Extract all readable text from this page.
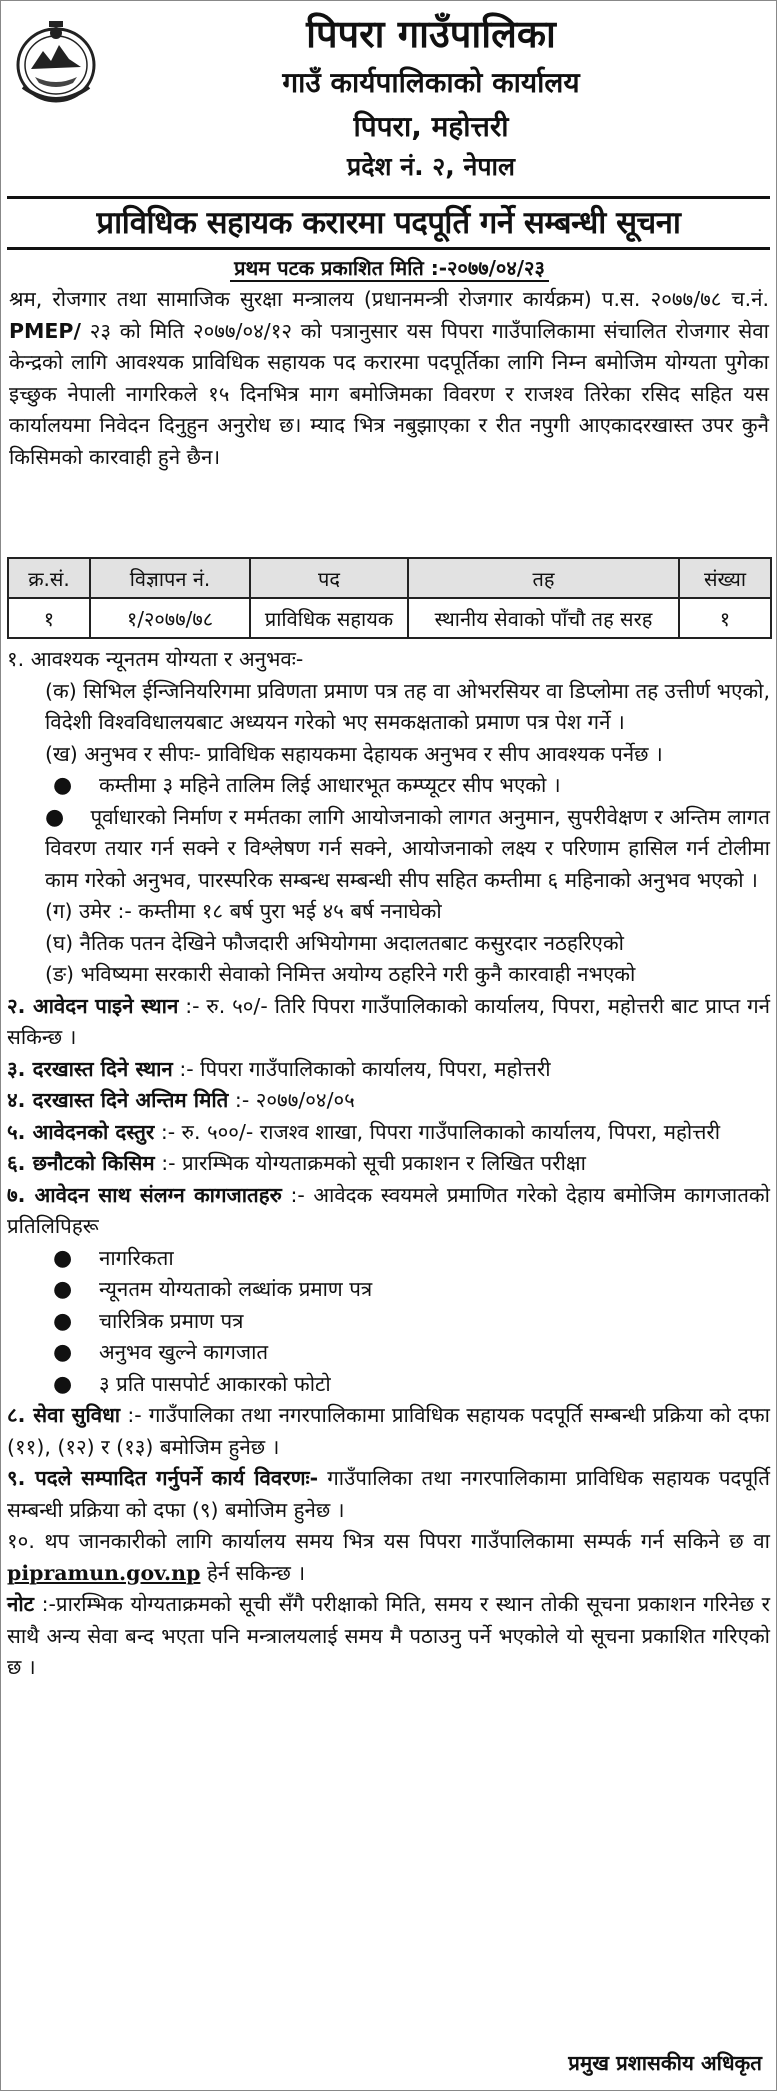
पिपरा गाउँपालिका
गाउँ कार्यपालिकाको कार्यालय
पिपरा, महोत्तरी
प्रदेश नं. २, नेपाल
प्राविधिक सहायक करारमा पदपूर्ति गर्ने सम्बन्धी सूचना
प्रथम पटक प्रकाशित मिति :-२०७७/०४/२३
श्रम, रोजगार तथा सामाजिक सुरक्षा मन्त्रालय (प्रधानमन्त्री रोजगार कार्यक्रम) प.स. २०७७/७८ च.नं. PMEP/ २३ को मिति २०७७/०४/१२ को पत्रानुसार यस पिपरा गाउँपालिकामा संचालित रोजगार सेवा केन्द्रको लागि आवश्यक प्राविधिक सहायक पद करारमा पदपूर्तिका लागि निम्न बमोजिम योग्यता पुगेका इच्छुक नेपाली नागरिकले १५ दिनभित्र माग बमोजिमका विवरण र राजश्व तिरेका रसिद सहित यस कार्यालयमा निवेदन दिनुहुन अनुरोध छ। म्याद भित्र नबुझाएका र रीत नपुगी आएकादरखास्त उपर कुनै किसिमको कारवाही हुने छैन।
क्र.सं.	विज्ञापन नं.	पद	तह	संख्या
१	१/२०७७/७८	प्राविधिक सहायक	स्थानीय सेवाको पाँचौ तह सरह	१

१. आवश्यक न्यूनतम योग्यता र अनुभवः-

(क) सिभिल ईन्जिनियरिगमा प्रविणता प्रमाण पत्र तह वा ओभरसियर वा डिप्लोमा तह उत्तीर्ण भएको, विदेशी विश्वविधालयबाट अध्ययन गरेको भए समकक्षताको प्रमाण पत्र पेश गर्ने ।

(ख) अनुभव र सीपः- प्राविधिक सहायकमा देहायक अनुभव र सीप आवश्यक पर्नेछ ।

● कम्तीमा ३ महिने तालिम लिई आधारभूत कम्प्यूटर सीप भएको ।

● पूर्वाधारको निर्माण र मर्मतका लागि आयोजनाको लागत अनुमान, सुपरीवेक्षण र अन्तिम लागत विवरण तयार गर्न सक्ने र विश्लेषण गर्न सक्ने, आयोजनाको लक्ष्य र परिणाम हासिल गर्न टोलीमा काम गरेको अनुभव, पारस्परिक सम्बन्ध सम्बन्धी सीप सहित कम्तीमा ६ महिनाको अनुभव भएको ।

(ग) उमेर :- कम्तीमा १८ बर्ष पुरा भई ४५ बर्ष ननाघेको

(घ) नैतिक पतन देखिने फौजदारी अभियोगमा अदालतबाट कसुरदार नठहरिएको

(ङ) भविष्यमा सरकारी सेवाको निमित्त अयोग्य ठहरिने गरी कुनै कारवाही नभएको

२. आवेदन पाइने स्थान :- रु. ५०/- तिरि पिपरा गाउँपालिकाको कार्यालय, पिपरा, महोत्तरी बाट प्राप्त गर्न सकिन्छ ।

३. दरखास्त दिने स्थान :- पिपरा गाउँपालिकाको कार्यालय, पिपरा, महोत्तरी

४. दरखास्त दिने अन्तिम मिति :- २०७७/०४/०५

५. आवेदनको दस्तुर :- रु. ५००/- राजश्व शाखा, पिपरा गाउँपालिकाको कार्यालय, पिपरा, महोत्तरी

६. छनौटको किसिम :- प्रारम्भिक योग्यताक्रमको सूची प्रकाशन र लिखित परीक्षा

७. आवेदन साथ संलग्न कागजातहरु :- आवेदक स्वयमले प्रमाणित गरेको देहाय बमोजिम कागजातको प्रतिलिपिहरू

● नागरिकता

● न्यूनतम योग्यताको लब्धांक प्रमाण पत्र

● चारित्रिक प्रमाण पत्र

● अनुभव खुल्ने कागजात

● ३ प्रति पासपोर्ट आकारको फोटो

८. सेवा सुविधा :- गाउँपालिका तथा नगरपालिकामा प्राविधिक सहायक पदपूर्ति सम्बन्धी प्रक्रिया को दफा (११), (१२) र (१३) बमोजिम हुनेछ ।

९. पदले सम्पादित गर्नुपर्ने कार्य विवरणः- गाउँपालिका तथा नगरपालिकामा प्राविधिक सहायक पदपूर्ति सम्बन्धी प्रक्रिया को दफा (९) बमोजिम हुनेछ ।

१०. थप जानकारीको लागि कार्यालय समय भित्र यस पिपरा गाउँपालिकामा सम्पर्क गर्न सकिने छ वा pipramun.gov.np हेर्न सकिन्छ ।

नोट :-प्रारम्भिक योग्यताक्रमको सूची सँगै परीक्षाको मिति, समय र स्थान तोकी सूचना प्रकाशन गरिनेछ र साथै अन्य सेवा बन्द भएता पनि मन्त्रालयलाई समय मै पठाउनु पर्ने भएकोले यो सूचना प्रकाशित गरिएको छ ।

प्रमुख प्रशासकीय अधिकृत
